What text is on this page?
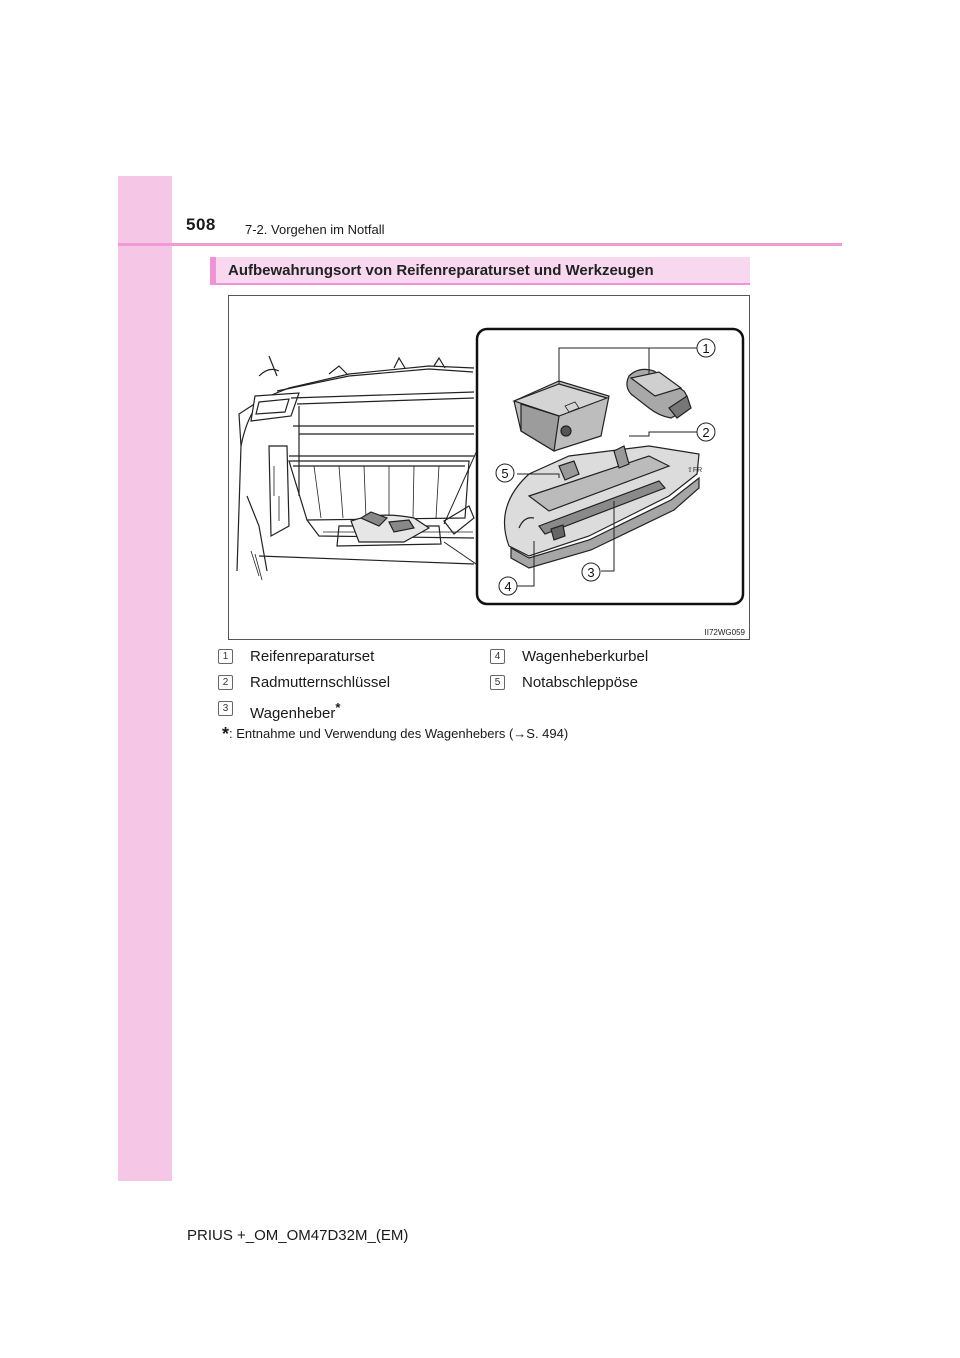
508 7-2. Vorgehen im Notfall
Aufbewahrungsort von Reifenreparaturset und Werkzeugen
⇧FR
1
2
3
4
5
II72WG059
1	Reifenreparaturset
2	Radmutternschlüssel
3	Wagenheber*
4	Wagenheberkurbel
5	Notabschleppöse
*: Entnahme und Verwendung des Wagenhebers (→S. 494)
PRIUS +_OM_OM47D32M_(EM)
